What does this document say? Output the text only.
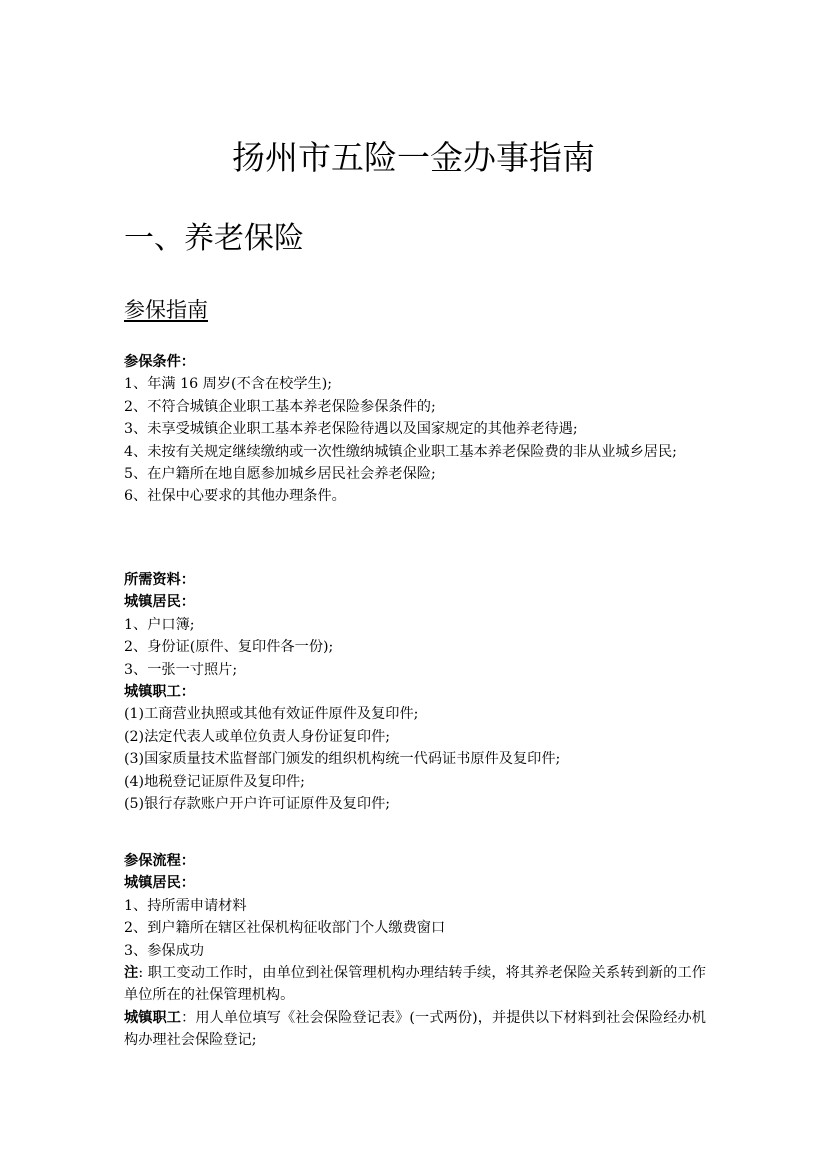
扬州市五险一金办事指南
一、养老保险
参保指南
参保条件：
1、年满 16 周岁(不含在校学生);
2、不符合城镇企业职工基本养老保险参保条件的;
3、未享受城镇企业职工基本养老保险待遇以及国家规定的其他养老待遇;
4、未按有关规定继续缴纳或一次性缴纳城镇企业职工基本养老保险费的非从业城乡居民;
5、在户籍所在地自愿参加城乡居民社会养老保险;
6、社保中心要求的其他办理条件。
所需资料：
城镇居民：
1、户口簿;
2、身份证(原件、复印件各一份);
3、一张一寸照片;
城镇职工：
(1)工商营业执照或其他有效证件原件及复印件;
(2)法定代表人或单位负责人身份证复印件;
(3)国家质量技术监督部门颁发的组织机构统一代码证书原件及复印件;
(4)地税登记证原件及复印件;
(5)银行存款账户开户许可证原件及复印件;
参保流程：
城镇居民：
1、持所需申请材料
2、到户籍所在辖区社保机构征收部门个人缴费窗口
3、参保成功
注: 职工变动工作时，由单位到社保管理机构办理结转手续，将其养老保险关系转到新的工作单位所在的社保管理机构。
城镇职工：用人单位填写《社会保险登记表》(一式两份)，并提供以下材料到社会保险经办机构办理社会保险登记;
